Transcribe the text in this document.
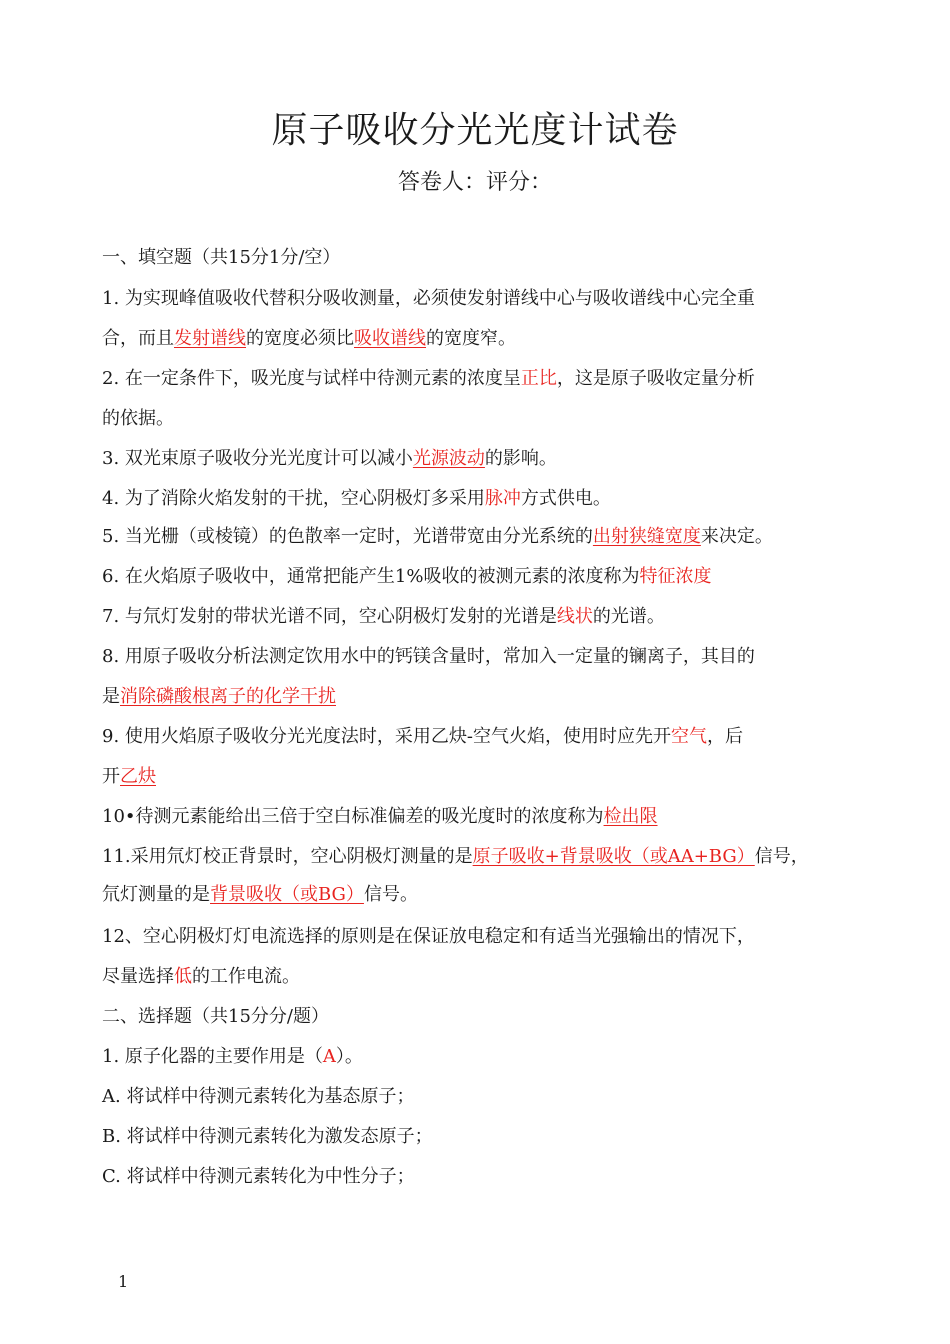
原子吸收分光光度计试卷
答卷人：评分：
一、填空题（共15分1分/空）
1. 为实现峰值吸收代替积分吸收测量，必须使发射谱线中心与吸收谱线中心完全重
合，而且发射谱线的宽度必须比吸收谱线的宽度窄。
2. 在一定条件下，吸光度与试样中待测元素的浓度呈正比，这是原子吸收定量分析
的依据。
3. 双光束原子吸收分光光度计可以减小光源波动的影响。
4. 为了消除火焰发射的干扰，空心阴极灯多采用脉冲方式供电。
5. 当光栅（或棱镜）的色散率一定时，光谱带宽由分光系统的出射狭缝宽度来决定。
6. 在火焰原子吸收中，通常把能产生1%吸收的被测元素的浓度称为特征浓度
7. 与氘灯发射的带状光谱不同，空心阴极灯发射的光谱是线状的光谱。
8. 用原子吸收分析法测定饮用水中的钙镁含量时，常加入一定量的镧离子，其目的
是消除磷酸根离子的化学干扰
9. 使用火焰原子吸收分光光度法时，采用乙炔-空气火焰，使用时应先开空气，后
开乙炔
10•待测元素能给出三倍于空白标准偏差的吸光度时的浓度称为检出限
11.采用氘灯校正背景时，空心阴极灯测量的是原子吸收+背景吸收（或AA+BG）信号，
氘灯测量的是背景吸收（或BG）信号。
12、空心阴极灯灯电流选择的原则是在保证放电稳定和有适当光强输出的情况下，
尽量选择低的工作电流。
二、选择题（共15分分/题）
1. 原子化器的主要作用是（A）。
A. 将试样中待测元素转化为基态原子；
B. 将试样中待测元素转化为激发态原子；
C. 将试样中待测元素转化为中性分子；
1
